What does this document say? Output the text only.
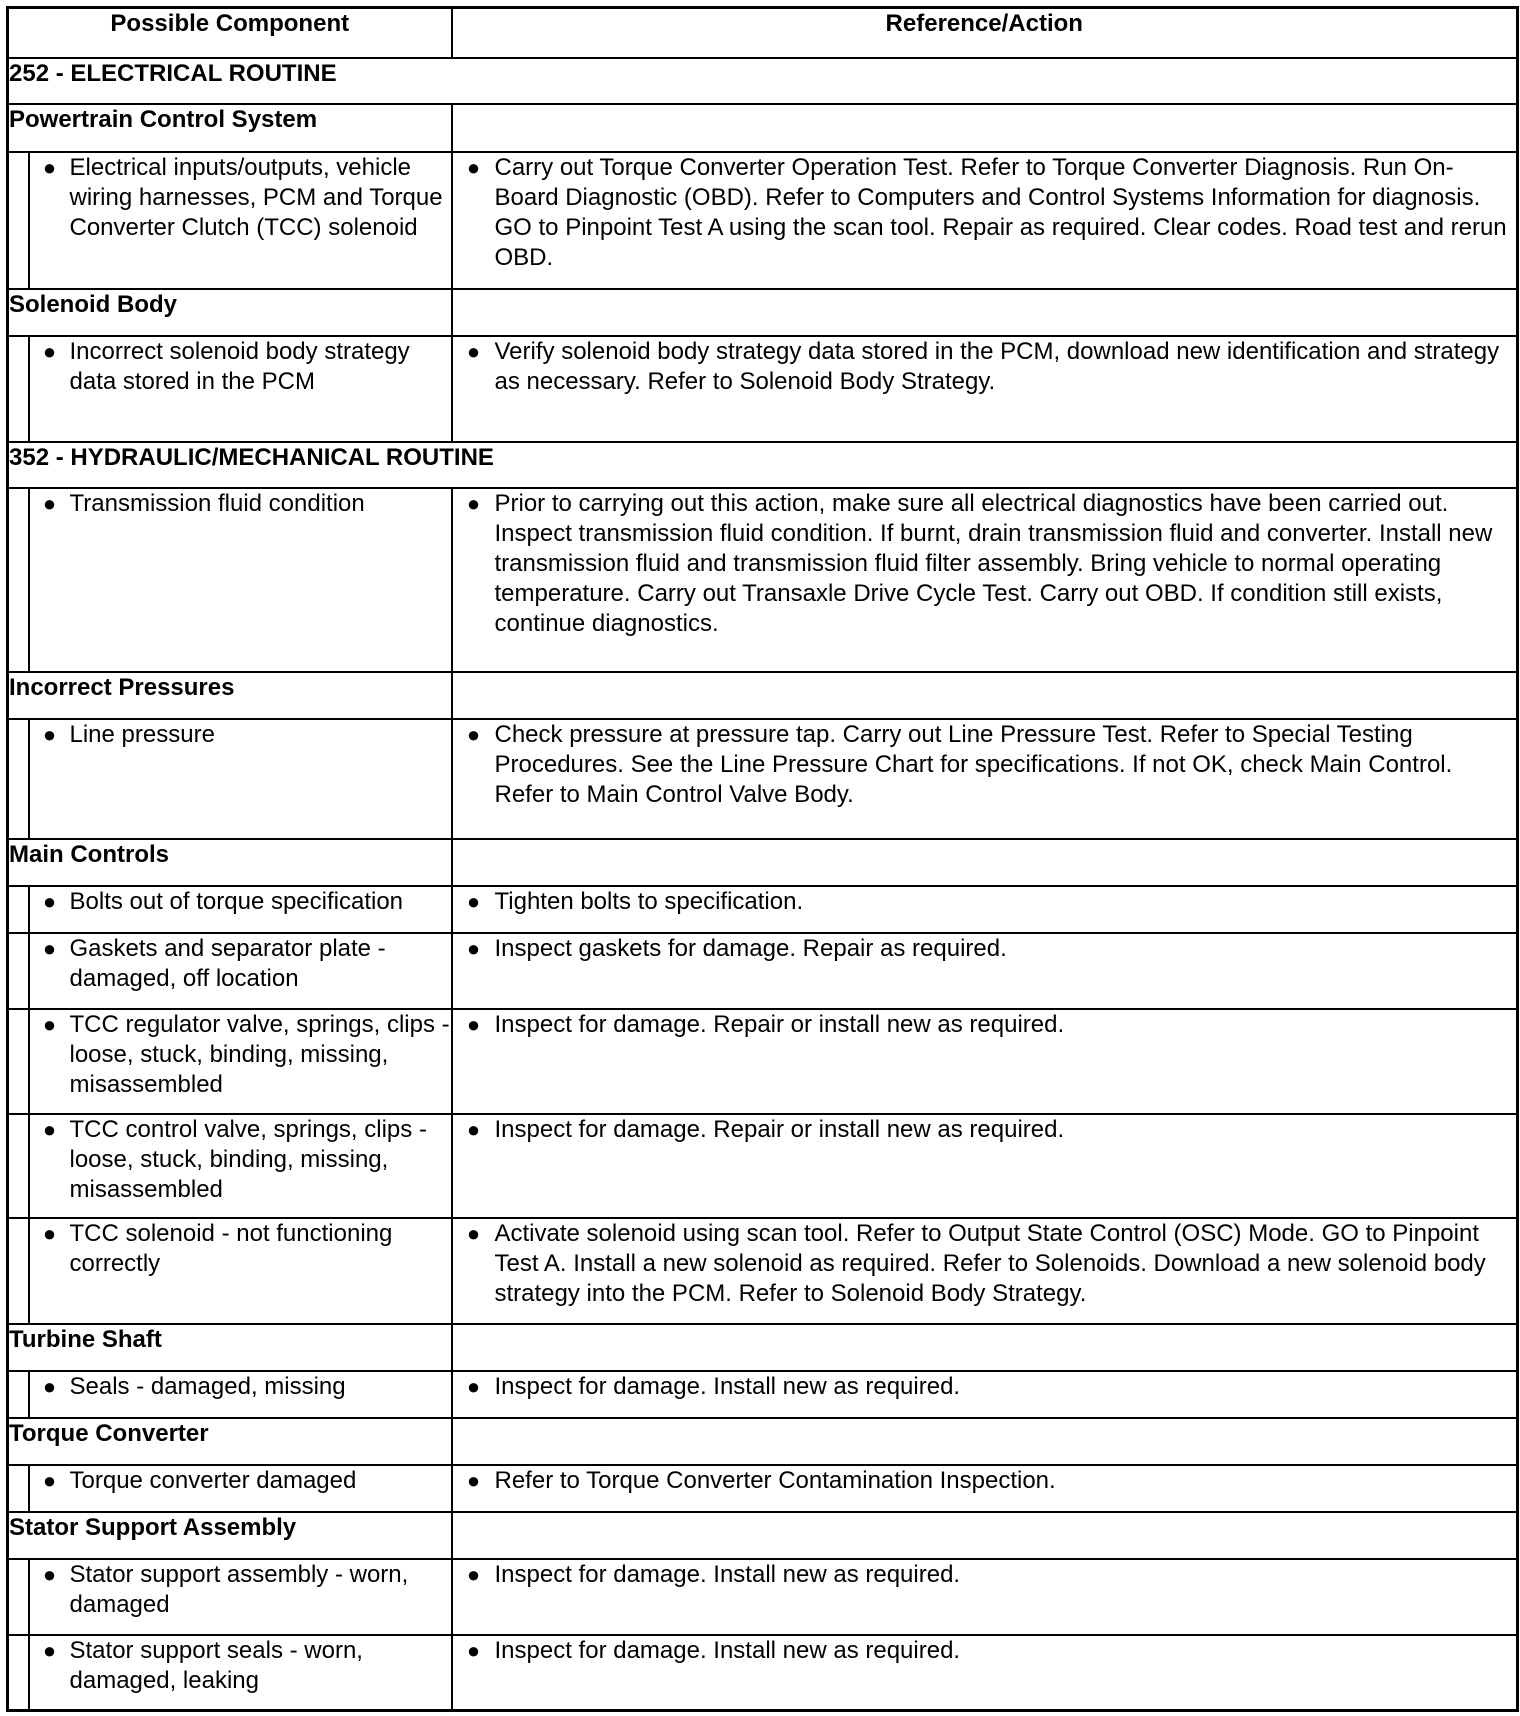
Possible Component		Reference/Action
252 - ELECTRICAL ROUTINE		
Powertrain Control System		

	● Electrical inputs/outputs, vehicle wiring harnesses, PCM and Torque Converter Clutch (TCC) solenoid	● Carry out Torque Converter Operation Test. Refer to Torque Converter Diagnosis. Run On-Board Diagnostic (OBD). Refer to Computers and Control Systems Information for diagnosis. GO to Pinpoint Test A using the scan tool. Repair as required. Clear codes. Road test and rerun OBD.

Solenoid Body		

	● Incorrect solenoid body strategy data stored in the PCM	● Verify solenoid body strategy data stored in the PCM, download new identification and strategy as necessary. Refer to Solenoid Body Strategy.

352 - HYDRAULIC/MECHANICAL ROUTINE		

	● Transmission fluid condition	● Prior to carrying out this action, make sure all electrical diagnostics have been carried out. Inspect transmission fluid condition. If burnt, drain transmission fluid and converter. Install new transmission fluid and transmission fluid filter assembly. Bring vehicle to normal operating temperature. Carry out Transaxle Drive Cycle Test. Carry out OBD. If condition still exists, continue diagnostics.

Incorrect Pressures		

	● Line pressure	● Check pressure at pressure tap. Carry out Line Pressure Test. Refer to Special Testing Procedures. See the Line Pressure Chart for specifications. If not OK, check Main Control. Refer to Main Control Valve Body.

Main Controls		

	● Bolts out of torque specification	● Tighten bolts to specification.

	● Gaskets and separator plate - damaged, off location	● Inspect gaskets for damage. Repair as required.

	● TCC regulator valve, springs, clips - loose, stuck, binding, missing, misassembled	● Inspect for damage. Repair or install new as required.

	● TCC control valve, springs, clips - loose, stuck, binding, missing, misassembled	● Inspect for damage. Repair or install new as required.

	● TCC solenoid - not functioning correctly	● Activate solenoid using scan tool. Refer to Output State Control (OSC) Mode. GO to Pinpoint Test A. Install a new solenoid as required. Refer to Solenoids. Download a new solenoid body strategy into the PCM. Refer to Solenoid Body Strategy.

Turbine Shaft		

	● Seals - damaged, missing	● Inspect for damage. Install new as required.

Torque Converter		

	● Torque converter damaged	● Refer to Torque Converter Contamination Inspection.

Stator Support Assembly		

	● Stator support assembly - worn, damaged	● Inspect for damage. Install new as required.

	● Stator support seals - worn, damaged, leaking	● Inspect for damage. Install new as required.
